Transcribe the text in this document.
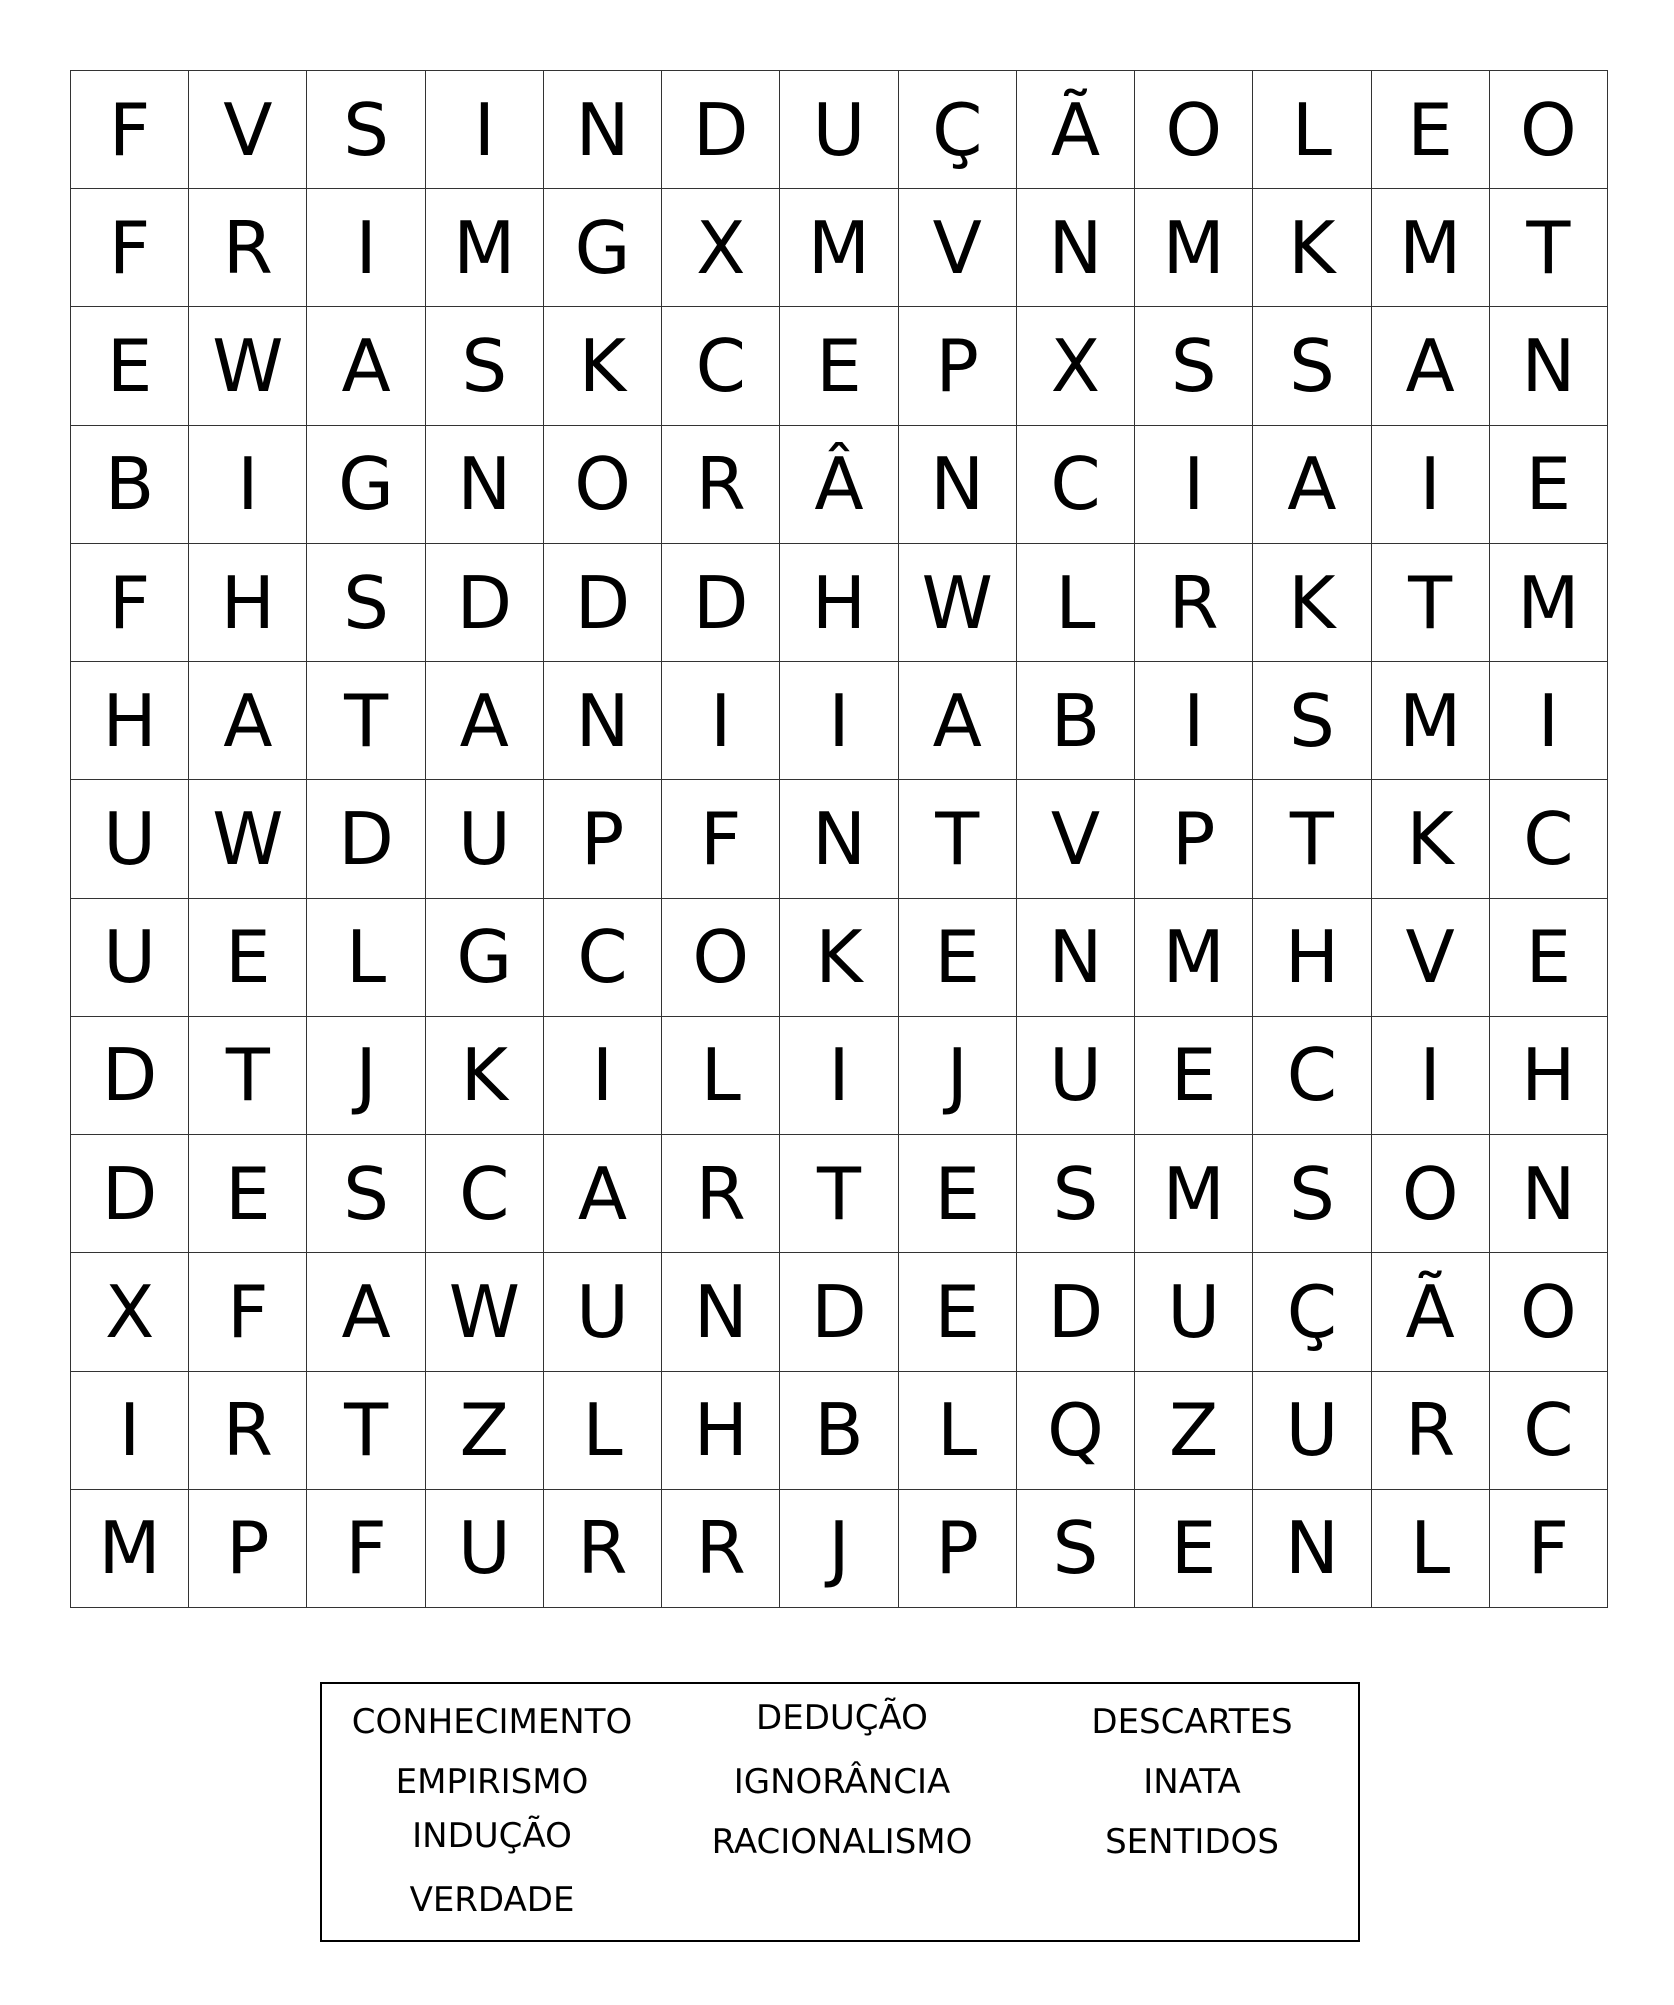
F	V S	I	N D U Ç Ã O L	E O
F	R	I	M G X M V N M K M T
E W A S K C E	P X S	S A N
B	I	G N O R Â N C	I	A	I	E
F H S D D D H W L	R K	T M
H A T A N	I	I	A B	I	S M	I
U W D U P	F N T V P	T	K C
U E	L G C O K E N M H V E
D T	J	K	I	L	I	J	U E C	I	H
D E	S C A R T	E	S M S O N
X	F	A W U N D E D U Ç Ã O
I	R T Z	L H B	L Q Z U R C
M P	F U R R	J	P	S	E N L	F
CONHECIMENTO	DEDUÇÃO	DESCARTES
EMPIRISMO	IGNORÂNCIA	INATA
INDUÇÃO	RACIONALISMO	SENTIDOS
VERDADE
